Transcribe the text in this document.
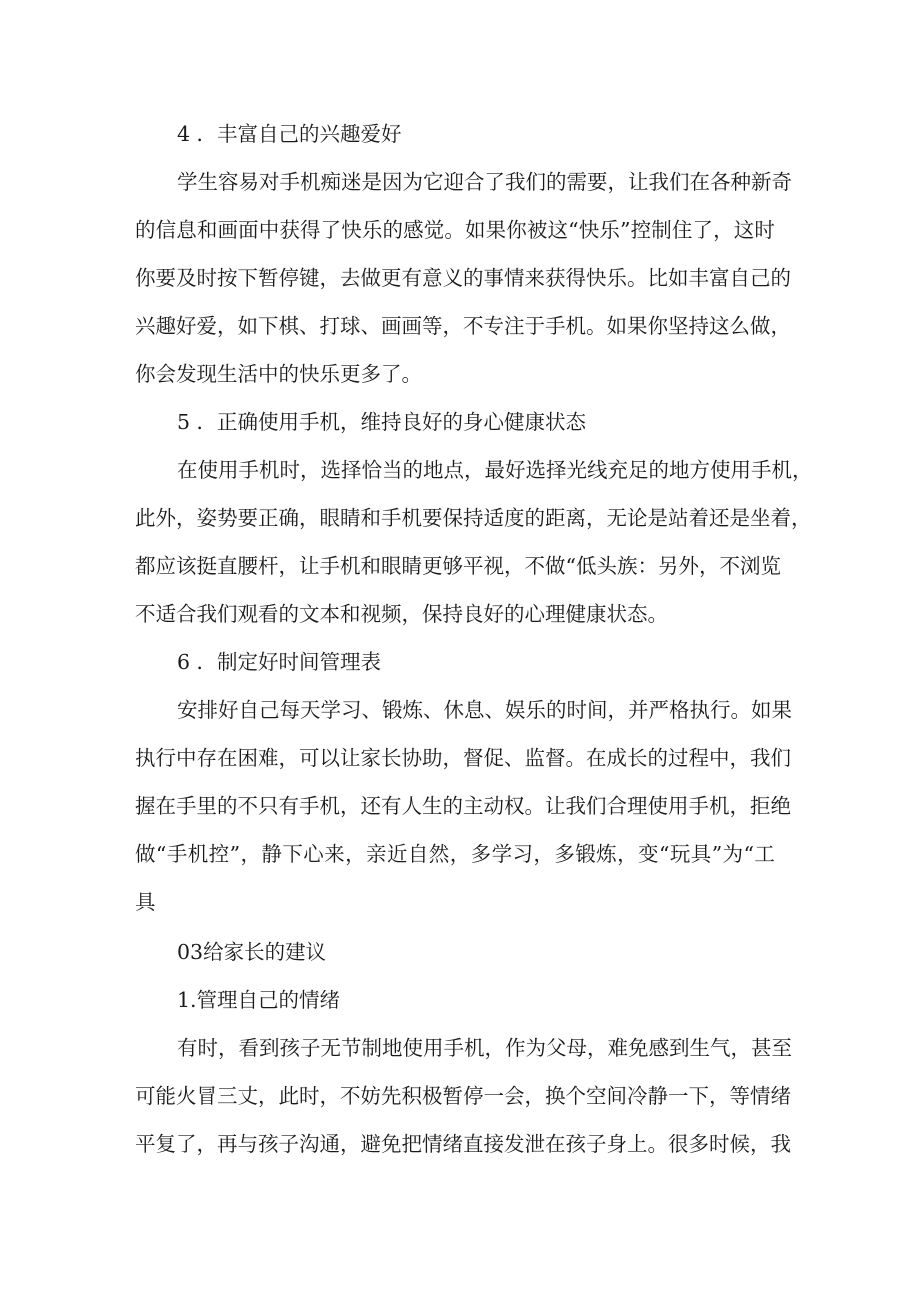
4 ．丰富自己的兴趣爱好
学 生 容 易 对 手 机 痴 迷 是 因 为 它 迎 合 了 我 们 的 需 要 ， 让 我 们 在 各 种 新 奇
的 信 息 和 画 面 中 获 得 了 快 乐 的 感 觉 。 如 果 你 被 这 “ 快 乐 ” 控 制 住 了 ， 这 时
你 要 及 时 按 下 暂 停 键 ， 去 做 更 有 意 义 的 事 情 来 获 得 快 乐 。 比 如 丰 富 自 己 的
兴 趣 好 爱 ， 如 下 棋 、 打 球 、 画 画 等 ， 不 专 注 于 手 机 。 如 果 你 坚 持 这 么 做 ，
你会发现生活中的快乐更多了。
5 ．正确使用手机，维持良好的身心健康状态
在 使 用 手 机 时 ， 选 择 恰 当 的 地 点 ， 最 好 选 择 光 线 充 足 的 地 方 使 用 手 机 ，
此 外 ， 姿 势 要 正 确 ， 眼 睛 和 手 机 要 保 持 适 度 的 距 离 ， 无 论 是 站 着 还 是 坐 着 ，
都 应 该 挺 直 腰 杆 ， 让 手 机 和 眼 睛 更 够 平 视 ， 不 做 “ 低 头 族 ： 另 外 ， 不 浏 览
不适合我们观看的文本和视频，保持良好的心理健康状态。
6 ．制定好时间管理表
安 排 好 自 己 每 天 学 习 、 锻 炼 、 休 息 、 娱 乐 的 时 间 ， 并 严 格 执 行 。 如 果
执 行 中 存 在 困 难 ， 可 以 让 家 长 协 助 ， 督 促 、 监 督 。 在 成 长 的 过 程 中 ， 我 们
握 在 手 里 的 不 只 有 手 机 ， 还 有 人 生 的 主 动 权 。 让 我 们 合 理 使 用 手 机 ， 拒 绝
做 “ 手 机 控 ” ， 静 下 心 来 ， 亲 近 自 然 ， 多 学 习 ， 多 锻 炼 ， 变 “ 玩 具 ” 为 “ 工
具
03给家长的建议
1.管理自己的情绪
有 时 ， 看 到 孩 子 无 节 制 地 使 用 手 机 ， 作 为 父 母 ， 难 免 感 到 生 气 ， 甚 至
可 能 火 冒 三 丈 ， 此 时 ， 不 妨 先 积 极 暂 停 一 会 ， 换 个 空 间 冷 静 一 下 ， 等 情 绪
平 复 了 ， 再 与 孩 子 沟 通 ， 避 免 把 情 绪 直 接 发 泄 在 孩 子 身 上 。 很 多 时 候 ， 我
